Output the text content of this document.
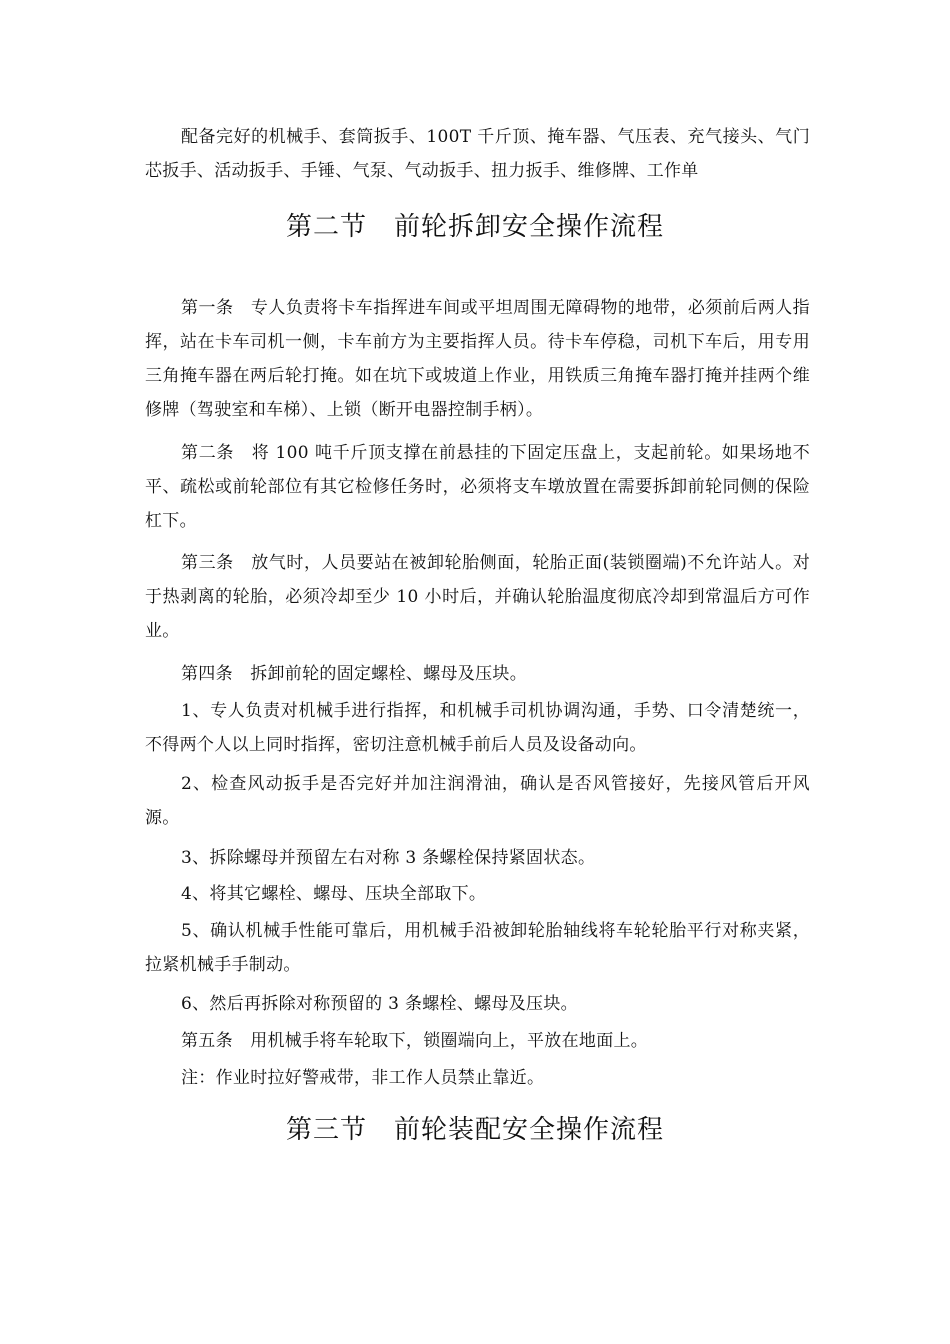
配备完好的机械手、套筒扳手、100T 千斤顶、掩车器、气压表、充气接头、气门芯扳手、活动扳手、手锤、气泵、气动扳手、扭力扳手、维修牌、工作单

第二节 前轮拆卸安全操作流程

第一条　专人负责将卡车指挥进车间或平坦周围无障碍物的地带，必须前后两人指挥，站在卡车司机一侧，卡车前方为主要指挥人员。待卡车停稳，司机下车后，用专用三角掩车器在两后轮打掩。如在坑下或坡道上作业，用铁质三角掩车器打掩并挂两个维修牌（驾驶室和车梯）、上锁（断开电器控制手柄）。

第二条　将 100 吨千斤顶支撑在前悬挂的下固定压盘上，支起前轮。如果场地不平、疏松或前轮部位有其它检修任务时，必须将支车墩放置在需要拆卸前轮同侧的保险杠下。

第三条　放气时，人员要站在被卸轮胎侧面，轮胎正面(装锁圈端)不允许站人。对于热剥离的轮胎，必须冷却至少 10 小时后，并确认轮胎温度彻底冷却到常温后方可作业。

第四条　拆卸前轮的固定螺栓、螺母及压块。

1、专人负责对机械手进行指挥，和机械手司机协调沟通，手势、口令清楚统一，不得两个人以上同时指挥，密切注意机械手前后人员及设备动向。

2、检查风动扳手是否完好并加注润滑油，确认是否风管接好，先接风管后开风源。

3、拆除螺母并预留左右对称 3 条螺栓保持紧固状态。

4、将其它螺栓、螺母、压块全部取下。

5、确认机械手性能可靠后，用机械手沿被卸轮胎轴线将车轮轮胎平行对称夹紧，拉紧机械手手制动。

6、然后再拆除对称预留的 3 条螺栓、螺母及压块。

第五条　用机械手将车轮取下，锁圈端向上，平放在地面上。

注：作业时拉好警戒带，非工作人员禁止靠近。

第三节 前轮装配安全操作流程
